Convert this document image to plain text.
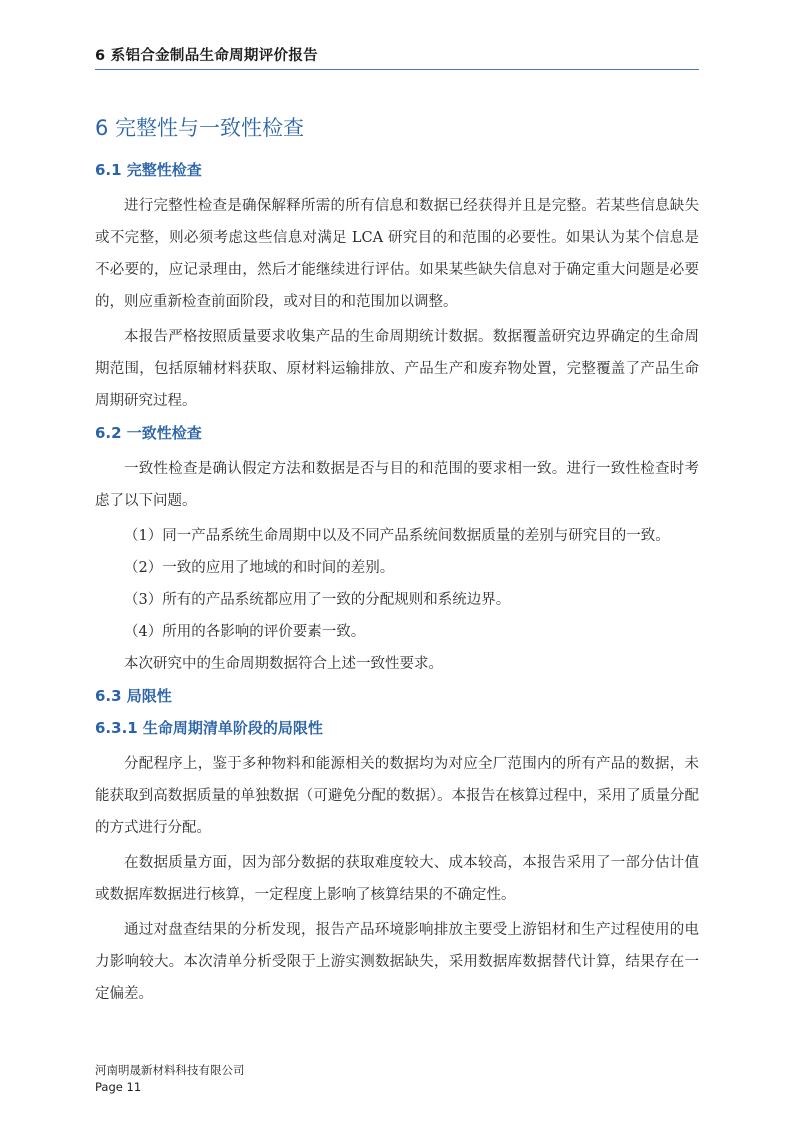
6 系铝合金制品生命周期评价报告
6 完整性与一致性检查
6.1 完整性检查

进行完整性检查是确保解释所需的所有信息和数据已经获得并且是完整。若某些信息缺失或不完整，则必须考虑这些信息对满足 LCA 研究目的和范围的必要性。如果认为某个信息是不必要的，应记录理由，然后才能继续进行评估。如果某些缺失信息对于确定重大问题是必要的，则应重新检查前面阶段，或对目的和范围加以调整。

本报告严格按照质量要求收集产品的生命周期统计数据。数据覆盖研究边界确定的生命周期范围，包括原辅材料获取、原材料运输排放、产品生产和废弃物处置，完整覆盖了产品生命周期研究过程。

6.2 一致性检查

一致性检查是确认假定方法和数据是否与目的和范围的要求相一致。进行一致性检查时考虑了以下问题。

（1）同一产品系统生命周期中以及不同产品系统间数据质量的差别与研究目的一致。

（2）一致的应用了地域的和时间的差别。

（3）所有的产品系统都应用了一致的分配规则和系统边界。

（4）所用的各影响的评价要素一致。

本次研究中的生命周期数据符合上述一致性要求。

6.3 局限性
6.3.1 生命周期清单阶段的局限性

分配程序上，鉴于多种物料和能源相关的数据均为对应全厂范围内的所有产品的数据，未能获取到高数据质量的单独数据（可避免分配的数据）。本报告在核算过程中，采用了质量分配的方式进行分配。

在数据质量方面，因为部分数据的获取难度较大、成本较高，本报告采用了一部分估计值或数据库数据进行核算，一定程度上影响了核算结果的不确定性。

通过对盘查结果的分析发现，报告产品环境影响排放主要受上游铝材和生产过程使用的电力影响较大。本次清单分析受限于上游实测数据缺失，采用数据库数据替代计算，结果存在一定偏差。

河南明晟新材料科技有限公司
Page 11
